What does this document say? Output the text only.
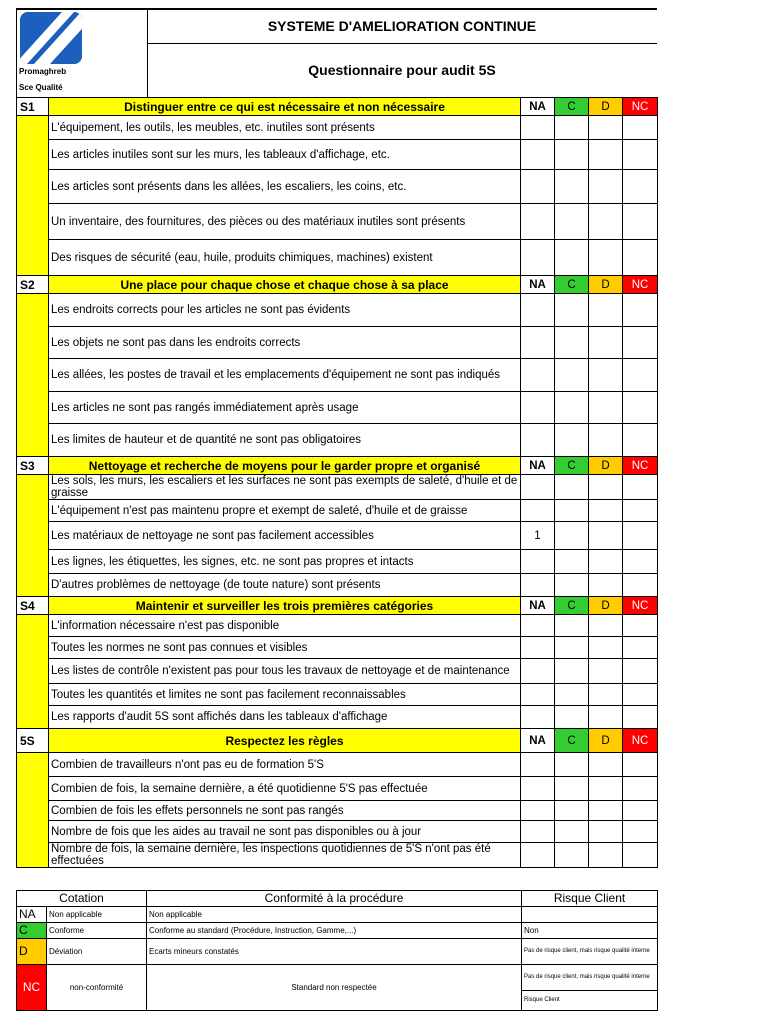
Promaghreb
Sce Qualité
SYSTEME D'AMELIORATION CONTINUE
Questionnaire pour audit 5S
S1	Distinguer entre ce qui est nécessaire et non nécessaire	NA	C	D	NC
	L'équipement, les outils, les meubles, etc. inutiles sont présents				
	Les articles inutiles sont sur les murs, les tableaux d'affichage, etc.				
	Les articles sont présents dans les allées, les escaliers, les coins, etc.				
	Un inventaire, des fournitures, des pièces ou des matériaux inutiles sont présents				
	Des risques de sécurité (eau, huile, produits chimiques, machines) existent				
S2	Une place pour chaque chose et chaque chose à sa place	NA	C	D	NC
	Les endroits corrects pour les articles ne sont pas évidents				
	Les objets ne sont pas dans les endroits corrects				
	Les allées, les postes de travail et les emplacements d'équipement ne sont pas indiqués				
	Les articles ne sont pas rangés immédiatement après usage				
	Les limites de hauteur et de quantité ne sont pas obligatoires				
S3	Nettoyage et recherche de moyens pour le garder propre et organisé	NA	C	D	NC
	Les sols, les murs, les escaliers et les surfaces ne sont pas exempts de saleté, d'huile et de graisse				
	L'équipement n'est pas maintenu propre et exempt de saleté, d'huile et de graisse				
	Les matériaux de nettoyage ne sont pas facilement accessibles	1			
	Les lignes, les étiquettes, les signes, etc. ne sont pas propres et intacts				
	D'autres problèmes de nettoyage (de toute nature) sont présents				
S4	Maintenir et surveiller les trois premières catégories	NA	C	D	NC
	L'information nécessaire n'est pas disponible				
	Toutes les normes ne sont pas connues et visibles				
	Les listes de contrôle n'existent pas pour tous les travaux de nettoyage et de maintenance				
	Toutes les quantités et limites ne sont pas facilement reconnaissables				
	Les rapports d'audit 5S sont affichés dans les tableaux d'affichage				
5S	Respectez les règles	NA	C	D	NC
	Combien de travailleurs n'ont pas eu de formation 5'S				
	Combien de fois, la semaine dernière, a été quotidienne 5'S pas effectuée				
	Combien de fois les effets personnels ne sont pas rangés				
	Nombre de fois que les aides au travail ne sont pas disponibles ou à jour				
	Nombre de fois, la semaine dernière, les inspections quotidiennes de 5'S n'ont pas été effectuées				
Cotation		Conformité à la procédure	Risque Client
NA	Non applicable	Non applicable	
C	Conforme	Conforme au standard (Procédure, Instruction, Gamme,...)	Non
D	Déviation	Ecarts mineurs constatés	Pas de risque client, mais risque qualité interne
NC	non-conformité	Standard non respectée	Pas de risque client, mais risque qualité interne
			Risque Client
